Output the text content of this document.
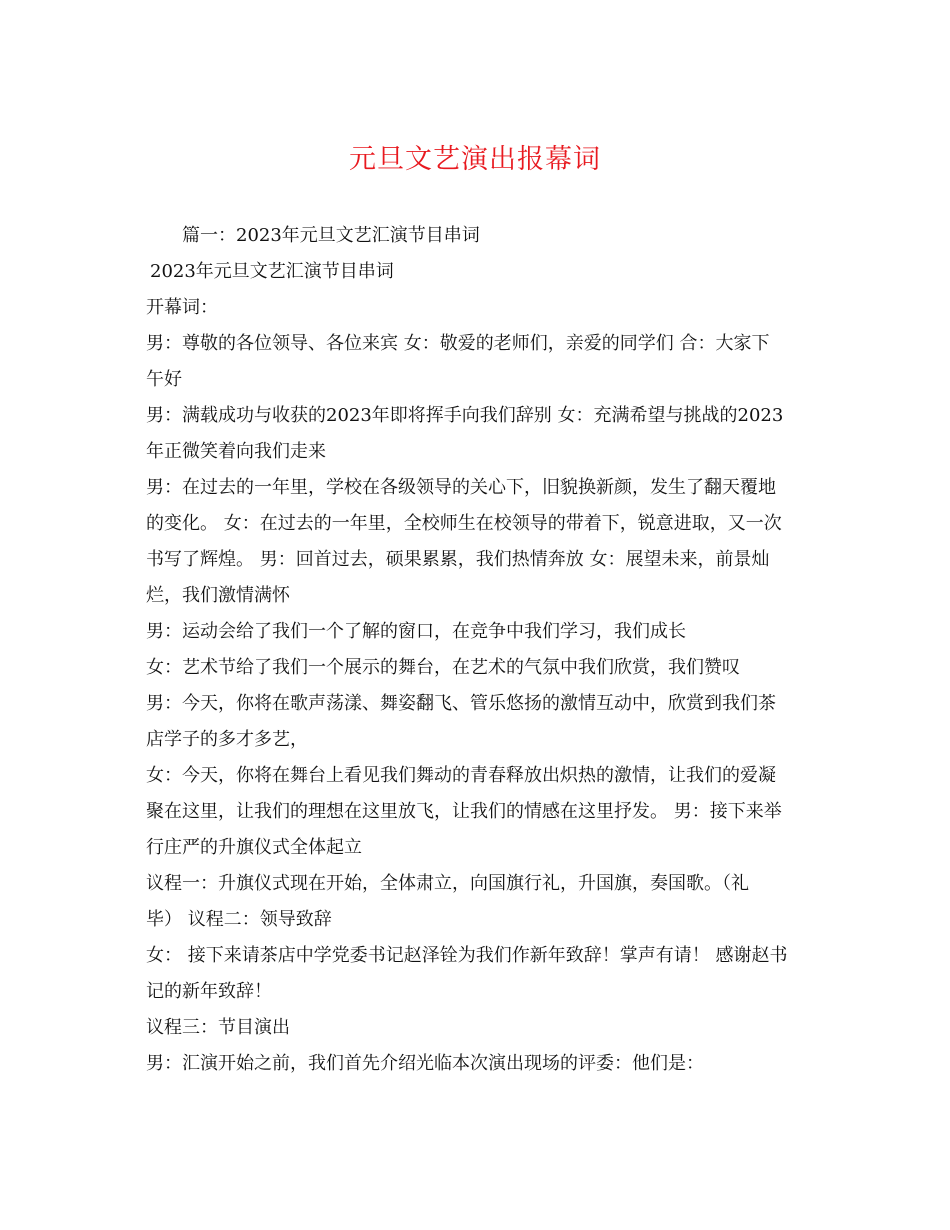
元旦文艺演出报幕词
篇一：2023年元旦文艺汇演节目串词
2023年元旦文艺汇演节目串词
开幕词：
男：尊敬的各位领导、各位来宾 女：敬爱的老师们，亲爱的同学们 合：大家下
午好
男：满载成功与收获的2023年即将挥手向我们辞别 女：充满希望与挑战的2023
年正微笑着向我们走来
男：在过去的一年里，学校在各级领导的关心下，旧貌换新颜，发生了翻天覆地
的变化。 女：在过去的一年里，全校师生在校领导的带着下，锐意进取，又一次
书写了辉煌。 男：回首过去，硕果累累，我们热情奔放 女：展望未来，前景灿
烂，我们激情满怀
男：运动会给了我们一个了解的窗口，在竞争中我们学习，我们成长
女：艺术节给了我们一个展示的舞台，在艺术的气氛中我们欣赏，我们赞叹
男：今天，你将在歌声荡漾、舞姿翻飞、管乐悠扬的激情互动中，欣赏到我们茶
店学子的多才多艺，
女：今天，你将在舞台上看见我们舞动的青春释放出炽热的激情，让我们的爱凝
聚在这里，让我们的理想在这里放飞，让我们的情感在这里抒发。 男：接下来举
行庄严的升旗仪式全体起立
议程一：升旗仪式现在开始，全体肃立，向国旗行礼，升国旗，奏国歌。（礼
毕） 议程二：领导致辞
女： 接下来请茶店中学党委书记赵泽铨为我们作新年致辞！掌声有请！ 感谢赵书
记的新年致辞！
议程三：节目演出
男：汇演开始之前，我们首先介绍光临本次演出现场的评委：他们是：
